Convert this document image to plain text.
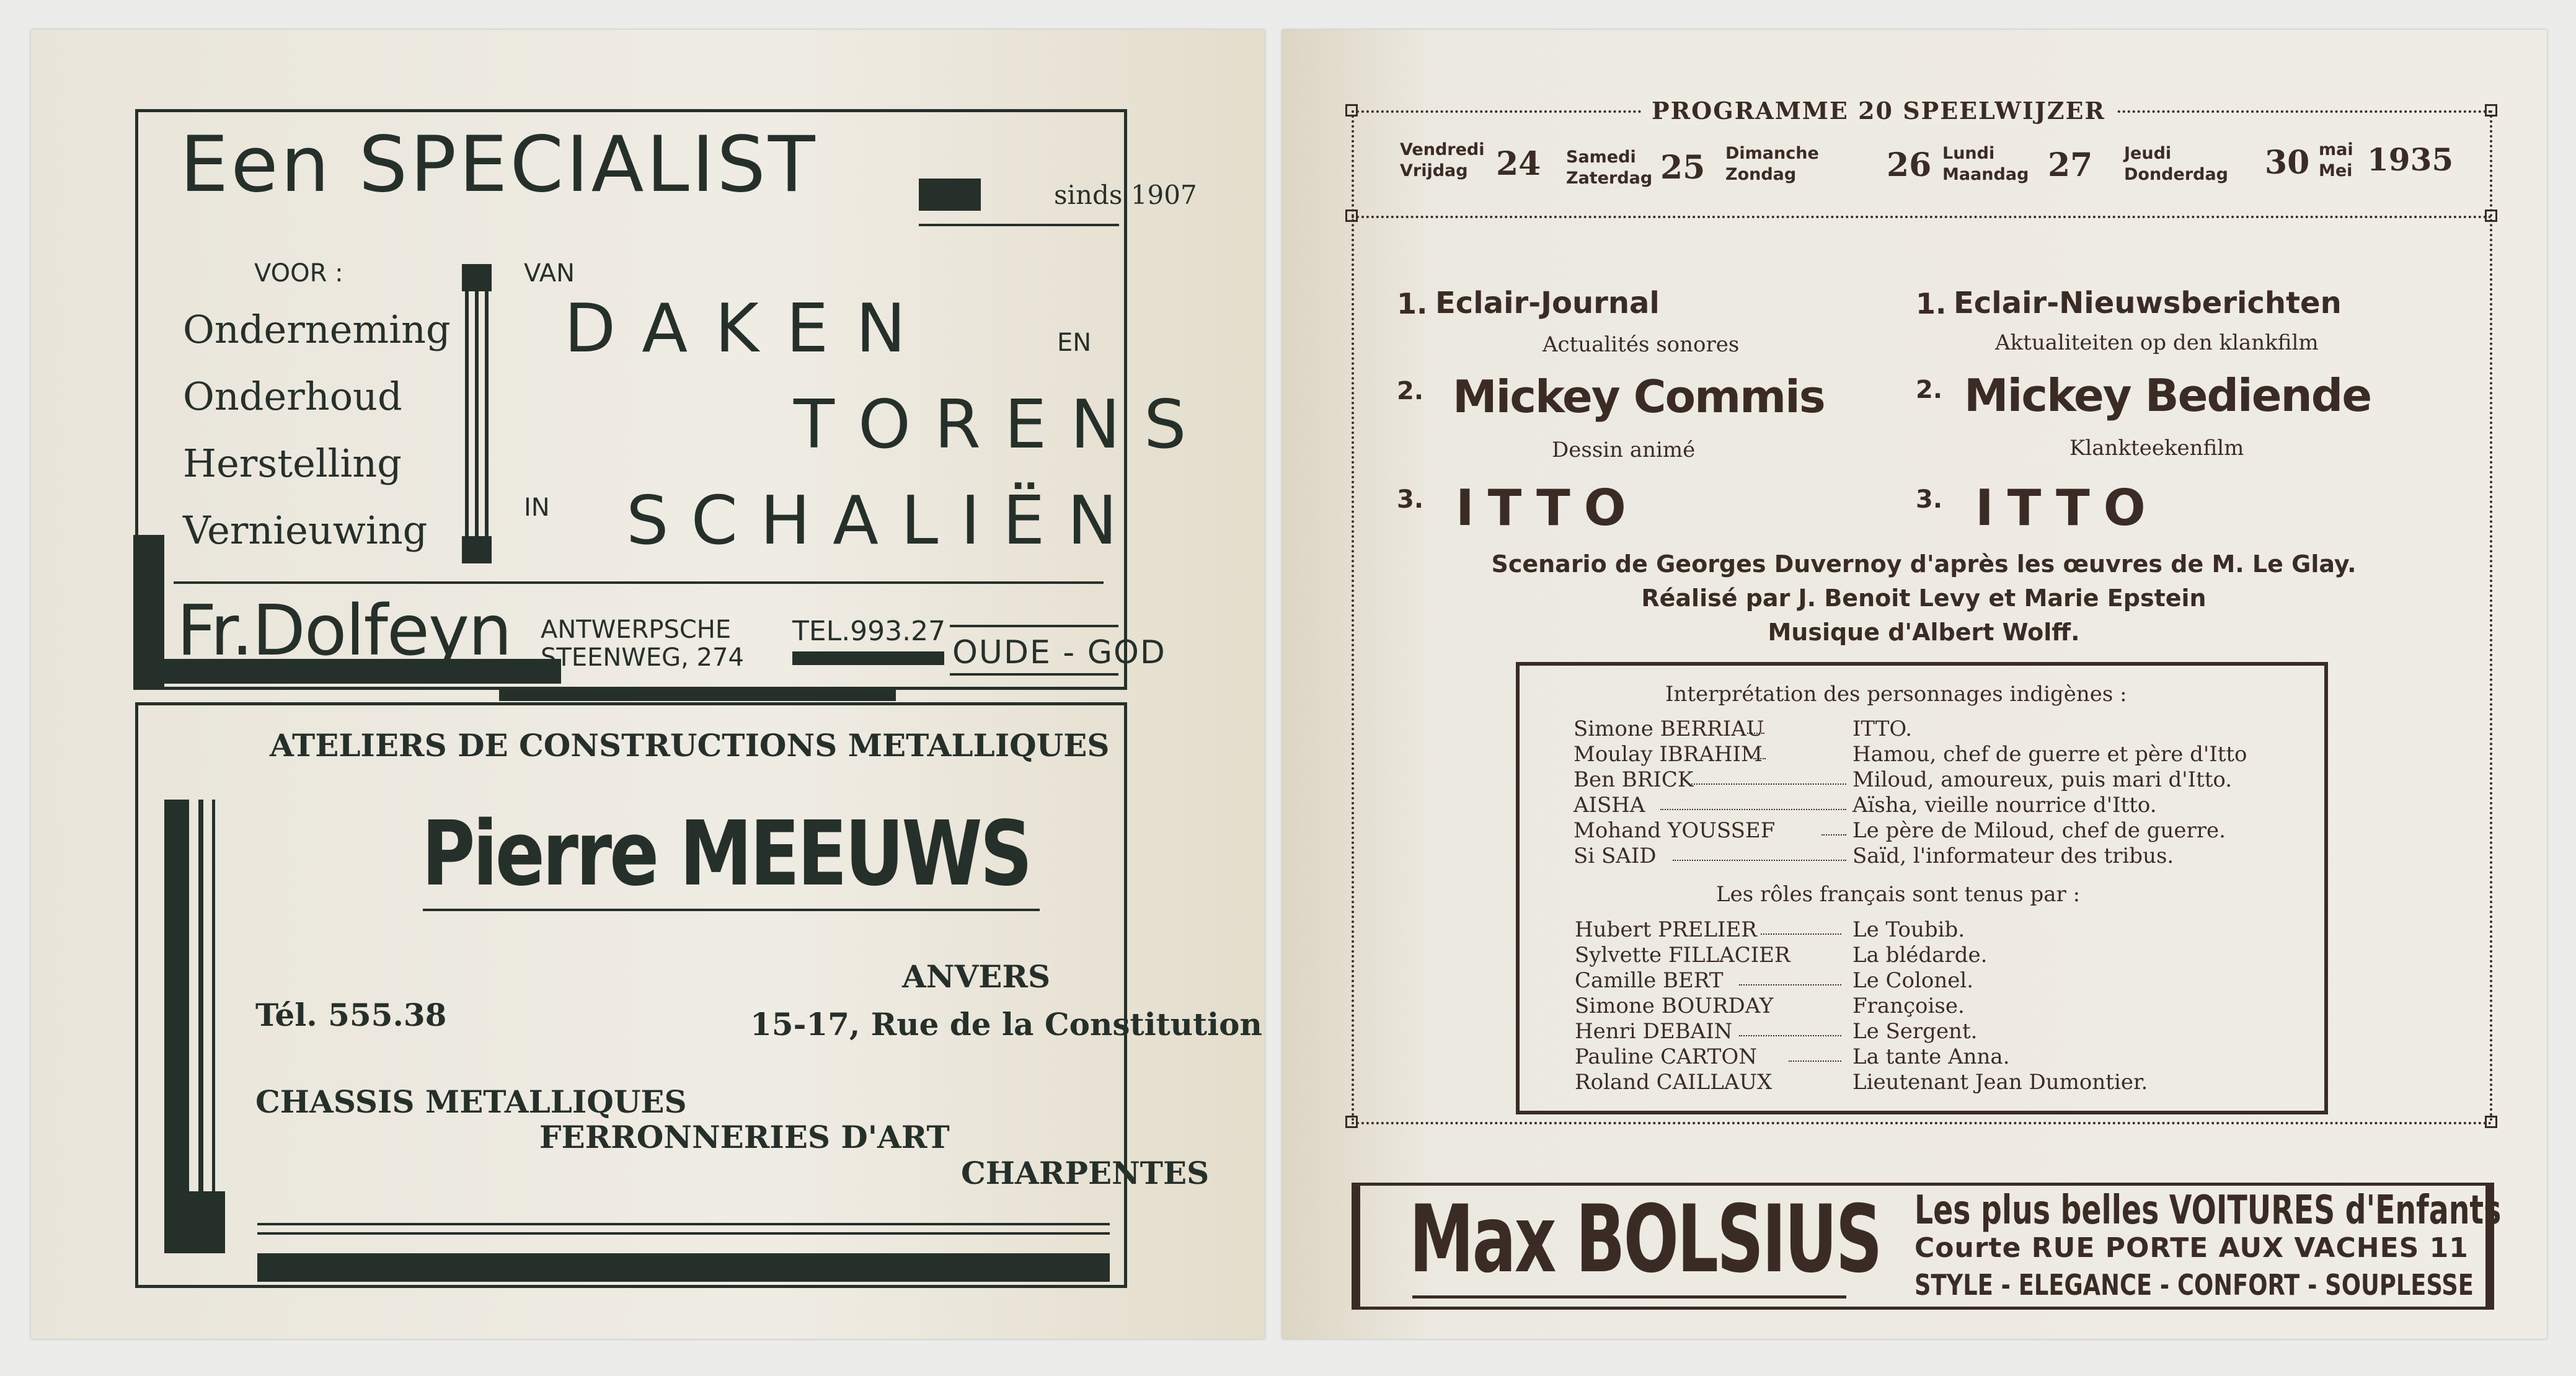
Een SPECIALIST	sinds 1907
VOOR :
Onderneming
Onderhoud
Herstelling
Vernieuwing
VAN
DAKEN	EN
TORENS
IN SCHALIËN
Fr.Dolfeyn ANTWERPSCHE
STEENWEG, 274
TEL.993.27
OUDE - GOD
ATELIERS DE CONSTRUCTIONS METALLIQUES
Pierre MEEUWS
ANVERS
Tél. 555.38	15-17, Rue de la Constitution
CHASSIS METALLIQUES
FERRONNERIES D'ART
CHARPENTES
PROGRAMME 20 SPEELWIJZER
Vendredi
Vrijdag 24 Samedi
Zaterdag 25 Dimanche
Zondag	26 Lundi
Maandag 27 Jeudi
Donderdag 30 mai
Mei 1935
1. Eclair-Journal
Actualités sonores
2. Mickey Commis
Dessin animé
3. ITTO
1. Eclair-Nieuwsberichten
Aktualiteiten op den klankfilm
2. Mickey Bediende
Klankteekenfilm
3. ITTO
Scenario de Georges Duvernoy d'après les œuvres de M. Le Glay.
Réalisé par J. Benoit Levy et Marie Epstein
Musique d'Albert Wolff.
Interprétation des personnages indigènes :
Simone BERRIAU	ITTO.
Moulay IBRAHIM	Hamou, chef de guerre et père d'Itto
Ben BRICK	Miloud, amoureux, puis mari d'Itto.
AISHA	Aïsha, vieille nourrice d'Itto.
Mohand YOUSSEF	Le père de Miloud, chef de guerre.
Si SAID	Saïd, l'informateur des tribus.
Les rôles français sont tenus par :
Hubert PRELIER	Le Toubib.
Sylvette FILLACIER	La blédarde.
Camille BERT	Le Colonel.
Simone BOURDAY	Françoise.
Henri DEBAIN	Le Sergent.
Pauline CARTON	La tante Anna.
Roland CAILLAUX	Lieutenant Jean Dumontier.
Max BOLSIUS Les plus belles VOITURES d'Enfants
Courte RUE PORTE AUX VACHES 11
STYLE - ELEGANCE - CONFORT - SOUPLESSE
